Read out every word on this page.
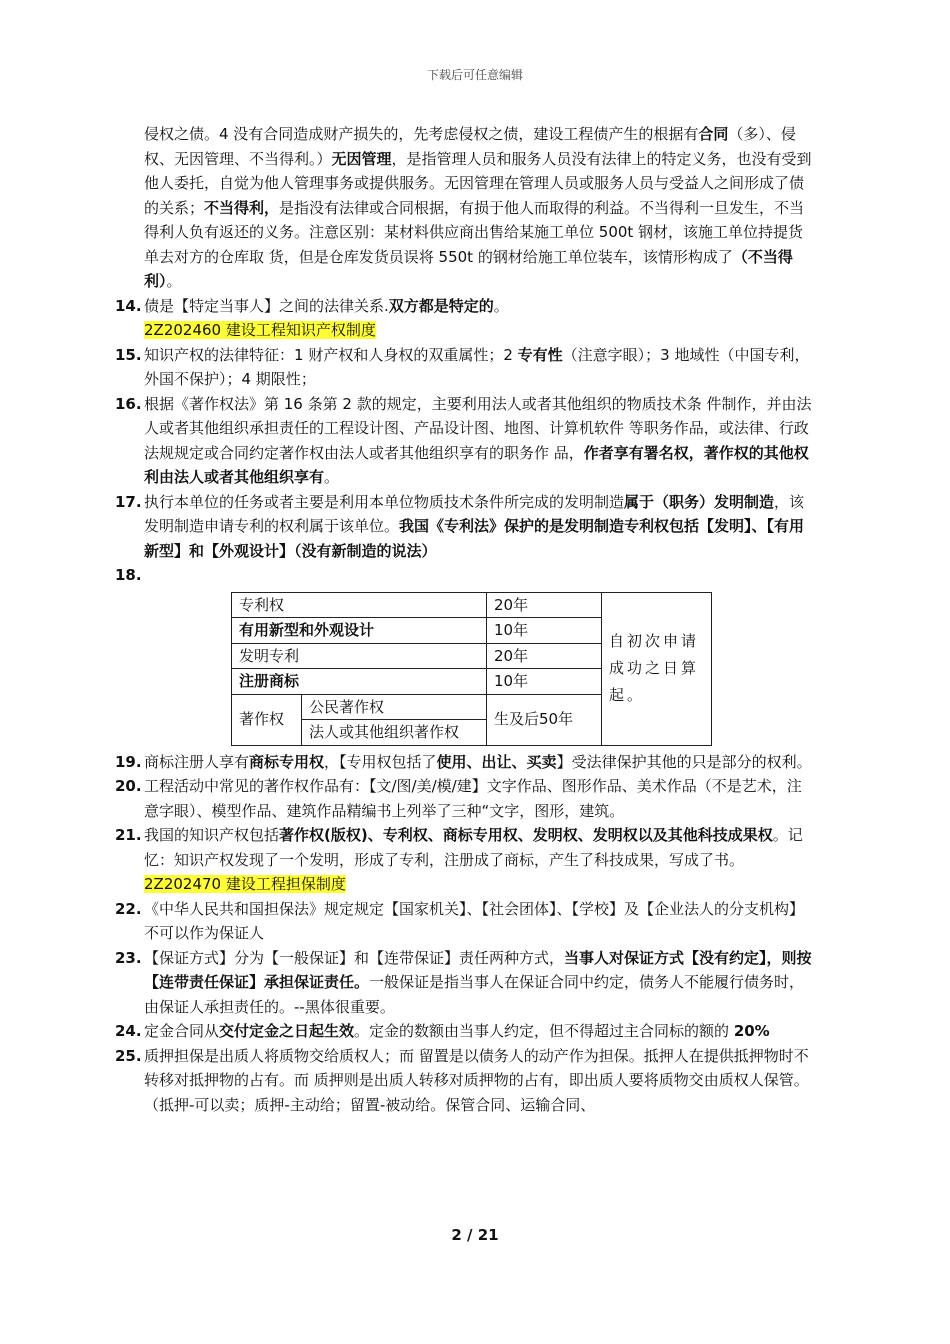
下载后可任意编辑
侵权之债。4 没有合同造成财产损失的，先考虑侵权之债，建设工程债产生的根据有合同（多）、侵权、无因管理、不当得利。）无因管理，是指管理人员和服务人员没有法律上的特定义务，也没有受到他人委托，自觉为他人管理事务或提供服务。无因管理在管理人员或服务人员与受益人之间形成了债的关系；不当得利，是指没有法律或合同根据，有损于他人而取得的利益。不当得利一旦发生，不当得利人负有返还的义务。注意区别：某材料供应商出售给某施工单位 500t 钢材，该施工单位持提货单去对方的仓库取 货，但是仓库发货员误将 550t 的钢材给施工单位装车，该情形构成了（不当得利）。
14. 债是【特定当事人】之间的法律关系.双方都是特定的。
2Z202460 建设工程知识产权制度
15. 知识产权的法律特征：1 财产权和人身权的双重属性；2 专有性（注意字眼）；3 地域性（中国专利，外国不保护）；4 期限性；
16. 根据《著作权法》第 16 条第 2 款的规定，主要利用法人或者其他组织的物质技术条 件制作，并由法人或者其他组织承担责任的工程设计图、产品设计图、地图、计算机软件 等职务作品，或法律、行政法规规定或合同约定著作权由法人或者其他组织享有的职务作 品，作者享有署名权，著作权的其他权利由法人或者其他组织享有。
17. 执行本单位的任务或者主要是利用本单位物质技术条件所完成的发明制造属于（职务）发明制造，该发明制造申请专利的权利属于该单位。我国《专利法》保护的是发明制造专利权包括【发明】、【有用新型】和【外观设计】（没有新制造的说法）
18.

专利权		20年	自初次申请成功之日算起。
有用新型和外观设计		10年	
发明专利		20年	
注册商标		10年	
著作权	公民著作权	生及后50年	
	法人或其他组织著作权		
19. 商标注册人享有商标专用权，【专用权包括了使用、出让、买卖】受法律保护其他的只是部分的权利。
20. 工程活动中常见的著作权作品有：【文/图/美/模/建】文字作品、图形作品、美术作品（不是艺术，注意字眼）、模型作品、建筑作品精编书上列举了三种“文字，图形，建筑。
21. 我国的知识产权包括著作权(版权)、专利权、商标专用权、发明权、发明权以及其他科技成果权。记忆：知识产权发现了一个发明，形成了专利，注册成了商标，产生了科技成果，写成了书。
2Z202470 建设工程担保制度
22. 《中华人民共和国担保法》规定规定【国家机关】、【社会团体】、【学校】及【企业法人的分支机构】不可以作为保证人
23. 【保证方式】分为【一般保证】和【连带保证】责任两种方式，当事人对保证方式【没有约定】，则按 【连带责任保证】承担保证责任。一般保证是指当事人在保证合同中约定，债务人不能履行债务时，由保证人承担责任的。--黑体很重要。
24. 定金合同从交付定金之日起生效。定金的数额由当事人约定，但不得超过主合同标的额的 20%
25. 质押担保是出质人将质物交给质权人；而 留置是以债务人的动产作为担保。抵押人在提供抵押物时不转移对抵押物的占有。而 质押则是出质人转移对质押物的占有，即出质人要将质物交由质权人保管。（抵押-可以卖；质押-主动给；留置-被动给。保管合同、运输合同、
2 / 21
